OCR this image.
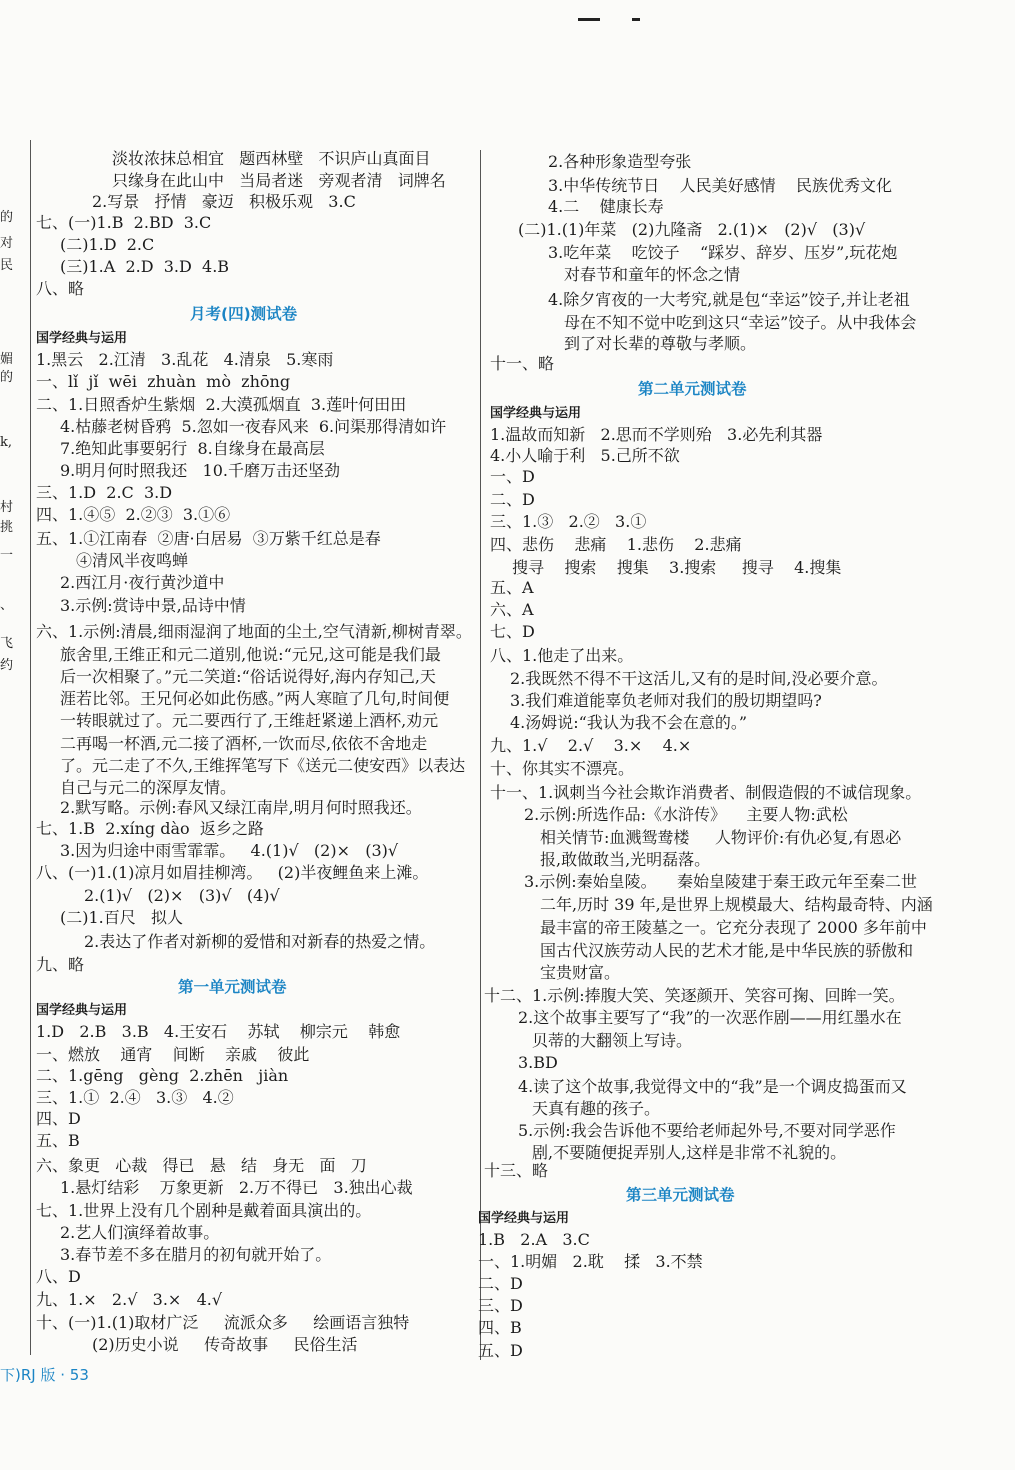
的
对
民
媚
的
k,
村
挑
一
、
飞
约
淡妆浓抹总相宜   题西林壁   不识庐山真面目
只缘身在此山中   当局者迷   旁观者清   词牌名
2.写景   抒情   豪迈   积极乐观   3.C
七、(一)1.B  2.BD  3.C
(二)1.D  2.C
(三)1.A  2.D  3.D  4.B
八、略
月考(四)测试卷
国学经典与运用
1.黑云   2.江清   3.乱花   4.清泉   5.寒雨
一、lǐ  jǐ  wēi  zhuàn  mò  zhōng
二、1.日照香炉生紫烟  2.大漠孤烟直  3.莲叶何田田
4.枯藤老树昏鸦  5.忽如一夜春风来  6.问渠那得清如许
7.绝知此事要躬行  8.自缘身在最高层
9.明月何时照我还   10.千磨万击还坚劲
三、1.D  2.C  3.D
四、1.④⑤  2.②③  3.①⑥
五、1.①江南春  ②唐·白居易  ③万紫千红总是春
④清风半夜鸣蝉
2.西江月·夜行黄沙道中
3.示例:赏诗中景,品诗中情
六、1.示例:清晨,细雨湿润了地面的尘土,空气清新,柳树青翠。
旅舍里,王维正和元二道别,他说:“元兄,这可能是我们最
后一次相聚了。”元二笑道:“俗话说得好,海内存知己,天
涯若比邻。王兄何必如此伤感。”两人寒暄了几句,时间便
一转眼就过了。元二要西行了,王维赶紧递上酒杯,劝元
二再喝一杯酒,元二接了酒杯,一饮而尽,依依不舍地走
了。元二走了不久,王维挥笔写下《送元二使安西》以表达
自己与元二的深厚友情。
2.默写略。示例:春风又绿江南岸,明月何时照我还。
七、1.B  2.xíng dào  返乡之路
3.因为归途中雨雪霏霏。   4.(1)√   (2)×   (3)√
八、(一)1.(1)凉月如眉挂柳湾。   (2)半夜鲤鱼来上滩。
2.(1)√   (2)×   (3)√   (4)√
(二)1.百尺   拟人
2.表达了作者对新柳的爱惜和对新春的热爱之情。
九、略
第一单元测试卷
国学经典与运用
1.D   2.B   3.B   4.王安石    苏轼    柳宗元    韩愈
一、燃放    通宵    间断    亲戚    彼此
二、1.gēng   gèng  2.zhēn   jiàn
三、1.①  2.④   3.③   4.②
四、D
五、B
六、象更   心裁   得已   悬   结   身无   面   刀
1.悬灯结彩    万象更新   2.万不得已   3.独出心裁
七、1.世界上没有几个剧种是戴着面具演出的。
2.艺人们演绎着故事。
3.春节差不多在腊月的初旬就开始了。
八、D
九、1.×   2.√   3.×   4.√
十、(一)1.(1)取材广泛     流派众多     绘画语言独特
(2)历史小说     传奇故事     民俗生活
2.各种形象造型夸张
3.中华传统节日    人民美好感情    民族优秀文化
4.二    健康长寿
(二)1.(1)年菜   (2)九隆斋   2.(1)×   (2)√   (3)√
3.吃年菜    吃饺子    “踩岁、辞岁、压岁”,玩花炮
对春节和童年的怀念之情
4.除夕宵夜的一大考究,就是包“幸运”饺子,并让老祖
母在不知不觉中吃到这只“幸运”饺子。从中我体会
到了对长辈的尊敬与孝顺。
十一、略
第二单元测试卷
国学经典与运用
1.温故而知新   2.思而不学则殆   3.必先利其器
4.小人喻于利   5.己所不欲
一、D
二、D
三、1.③   2.②   3.①
四、悲伤    悲痛    1.悲伤    2.悲痛
搜寻    搜索    搜集    3.搜索     搜寻    4.搜集
五、A
六、A
七、D
八、1.他走了出来。
2.我既然不得不干这活儿,又有的是时间,没必要介意。
3.我们难道能辜负老师对我们的殷切期望吗?
4.汤姆说:“我认为我不会在意的。”
九、1.√    2.√    3.×    4.×
十、你其实不漂亮。
十一、1.讽刺当今社会欺诈消费者、制假造假的不诚信现象。
2.示例:所选作品:《水浒传》    主要人物:武松
相关情节:血溅鸳鸯楼     人物评价:有仇必复,有恩必
报,敢做敢当,光明磊落。
3.示例:秦始皇陵。    秦始皇陵建于秦王政元年至秦二世
二年,历时 39 年,是世界上规模最大、结构最奇特、内涵
最丰富的帝王陵墓之一。它充分表现了 2000 多年前中
国古代汉族劳动人民的艺术才能,是中华民族的骄傲和
宝贵财富。
十二、1.示例:捧腹大笑、笑逐颜开、笑容可掬、回眸一笑。
2.这个故事主要写了“我”的一次恶作剧——用红墨水在
贝蒂的大翻领上写诗。
3.BD
4.读了这个故事,我觉得文中的“我”是一个调皮捣蛋而又
天真有趣的孩子。
5.示例:我会告诉他不要给老师起外号,不要对同学恶作
剧,不要随便捉弄别人,这样是非常不礼貌的。
十三、略
第三单元测试卷
国学经典与运用
1.B   2.A   3.C
一、1.明媚   2.耽    揉   3.不禁
二、D
三、D
四、B
五、D
下)RJ 版 · 53
